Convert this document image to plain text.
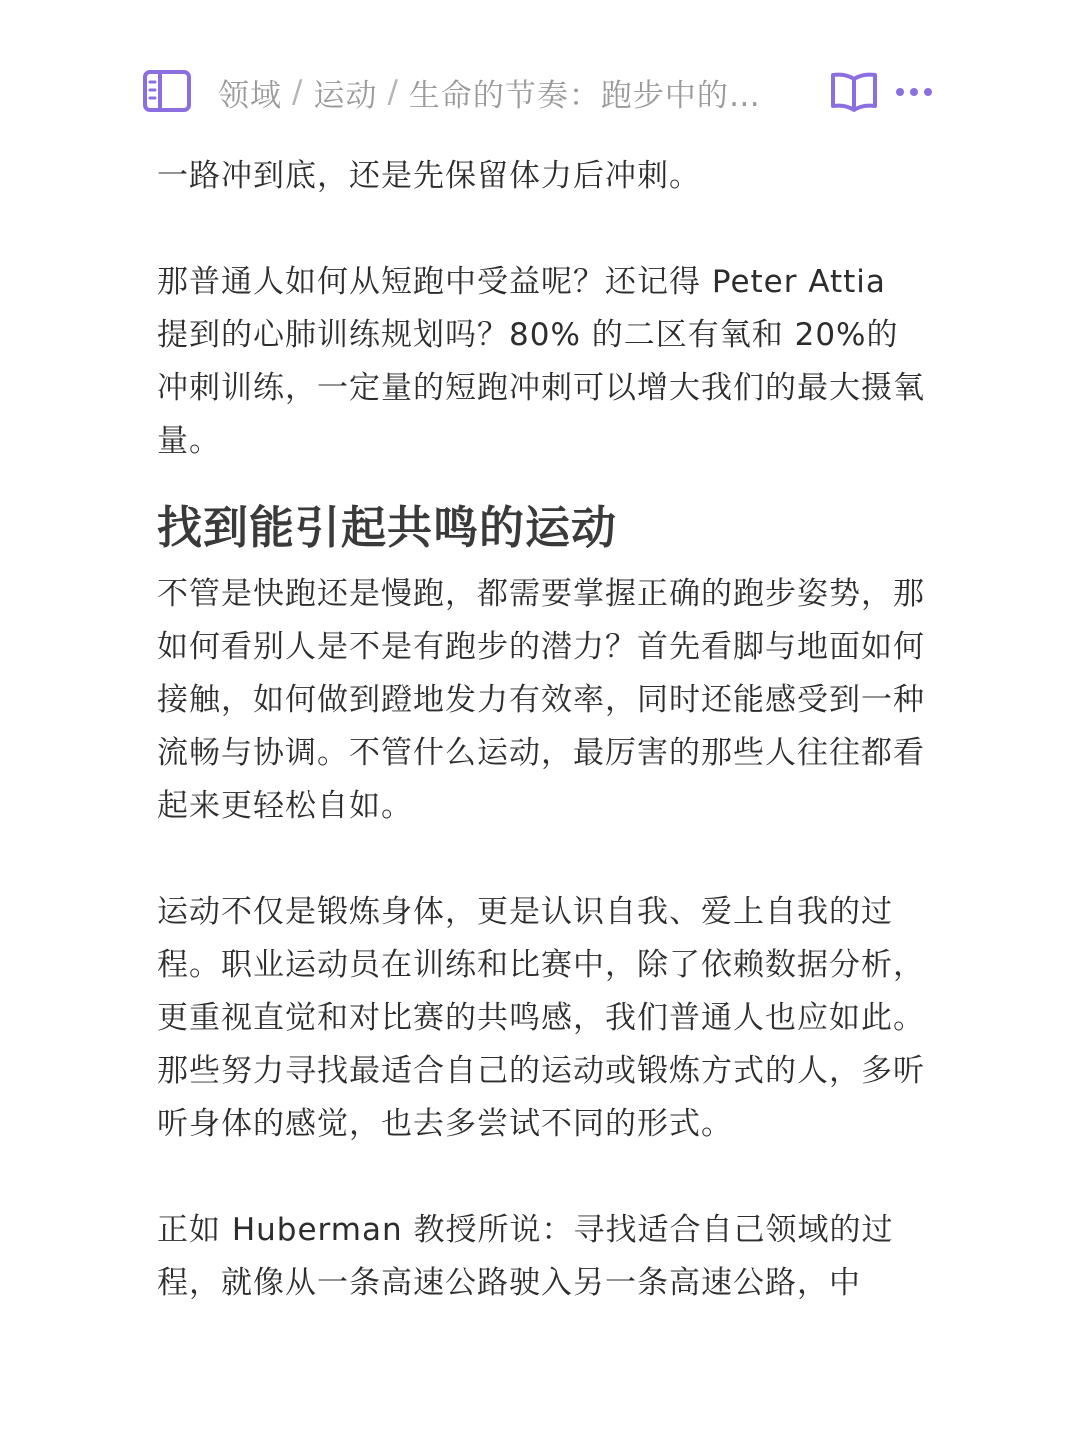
领域 / 运动 / 生命的节奏：跑步中的…

一路冲到底，还是先保留体力后冲刺。

那普通人如何从短跑中受益呢？还记得 Peter Attia 提到的心肺训练规划吗？80% 的二区有氧和 20%的冲刺训练，一定量的短跑冲刺可以增大我们的最大摄氧量。

找到能引起共鸣的运动

不管是快跑还是慢跑，都需要掌握正确的跑步姿势，那如何看别人是不是有跑步的潜力？首先看脚与地面如何接触，如何做到蹬地发力有效率，同时还能感受到一种流畅与协调。不管什么运动，最厉害的那些人往往都看起来更轻松自如。

运动不仅是锻炼身体，更是认识自我、爱上自我的过程。职业运动员在训练和比赛中，除了依赖数据分析，更重视直觉和对比赛的共鸣感，我们普通人也应如此。那些努力寻找最适合自己的运动或锻炼方式的人，多听听身体的感觉，也去多尝试不同的形式。

正如 Huberman 教授所说：寻找适合自己领域的过程，就像从一条高速公路驶入另一条高速公路，中
